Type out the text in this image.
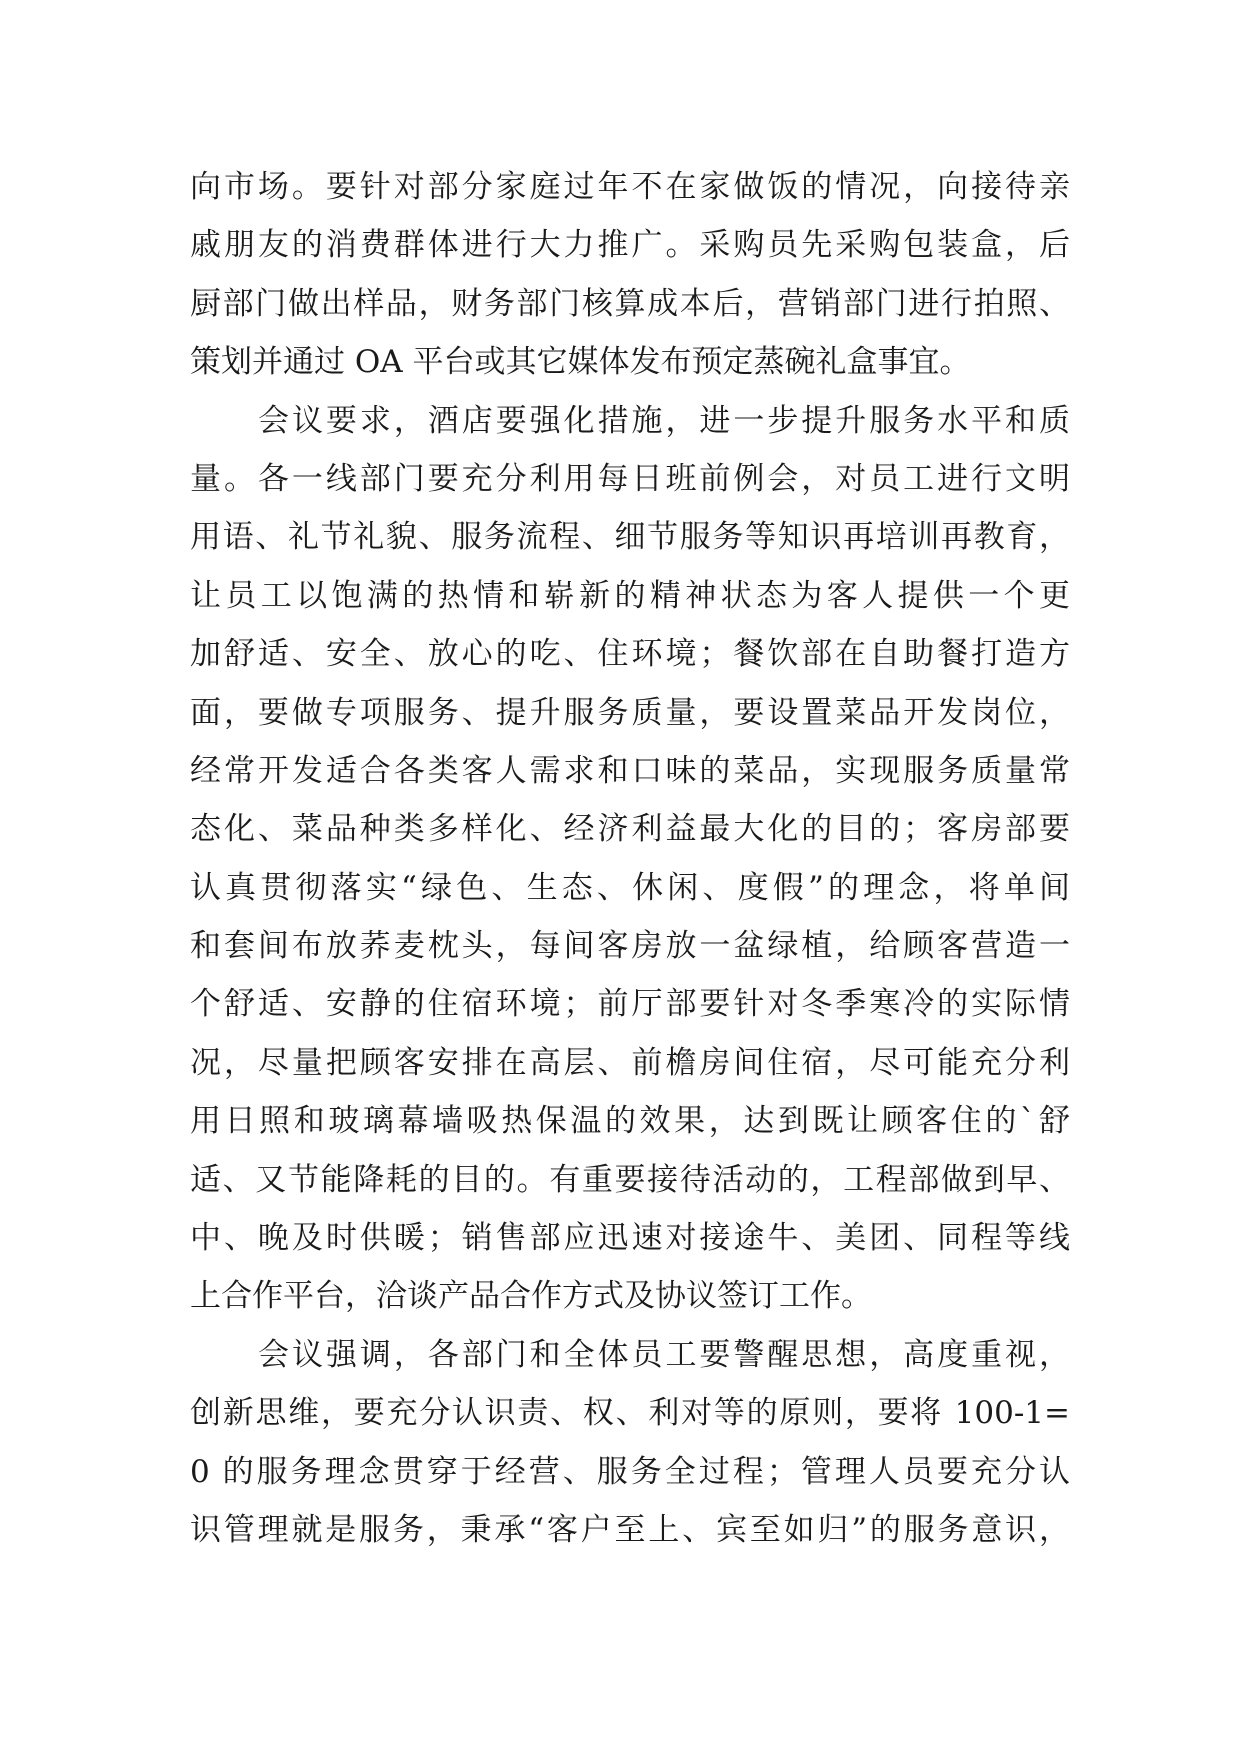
向市场。要针对部分家庭过年不在家做饭的情况，向接待亲
戚朋友的消费群体进行大力推广。采购员先采购包装盒，后
厨部门做出样品，财务部门核算成本后，营销部门进行拍照、
策划并通过 OA 平台或其它媒体发布预定蒸碗礼盒事宜。
会议要求，酒店要强化措施，进一步提升服务水平和质
量。各一线部门要充分利用每日班前例会，对员工进行文明
用语、礼节礼貌、服务流程、细节服务等知识再培训再教育，
让员工以饱满的热情和崭新的精神状态为客人提供一个更
加舒适、安全、放心的吃、住环境；餐饮部在自助餐打造方
面，要做专项服务、提升服务质量，要设置菜品开发岗位，
经常开发适合各类客人需求和口味的菜品，实现服务质量常
态化、菜品种类多样化、经济利益最大化的目的；客房部要
认真贯彻落实“绿色、生态、休闲、度假”的理念，将单间
和套间布放荞麦枕头，每间客房放一盆绿植，给顾客营造一
个舒适、安静的住宿环境；前厅部要针对冬季寒冷的实际情
况，尽量把顾客安排在高层、前檐房间住宿，尽可能充分利
用日照和玻璃幕墙吸热保温的效果，达到既让顾客住的`舒
适、又节能降耗的目的。有重要接待活动的，工程部做到早、
中、晚及时供暖；销售部应迅速对接途牛、美团、同程等线
上合作平台，洽谈产品合作方式及协议签订工作。
会议强调，各部门和全体员工要警醒思想，高度重视，
创新思维，要充分认识责、权、利对等的原则，要将 100-1=
0 的服务理念贯穿于经营、服务全过程；管理人员要充分认
识管理就是服务，秉承“客户至上、宾至如归”的服务意识，
